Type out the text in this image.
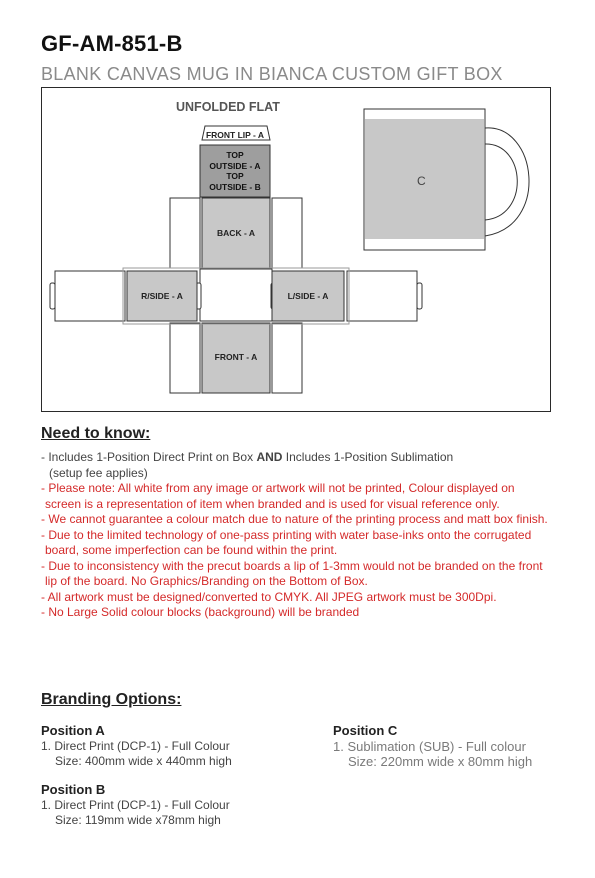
GF-AM-851-B
BLANK CANVAS MUG IN BIANCA CUSTOM GIFT BOX
UNFOLDED FLAT
FRONT LIP - A
TOP
OUTSIDE - A
TOP
OUTSIDE - B
BACK - A
R/SIDE - A	L/SIDE - A
FRONT - A
C
Need to know:
- Includes 1-Position Direct Print on Box AND Includes 1-Position Sublimation
(setup fee applies)
- Please note: All white from any image or artwork will not be printed, Colour displayed on
screen is a representation of item when branded and is used for visual reference only.
- We cannot guarantee a colour match due to nature of the printing process and matt box finish.
- Due to the limited technology of one-pass printing with water base-inks onto the corrugated
board, some imperfection can be found within the print.
- Due to inconsistency with the precut boards a lip of 1-3mm would not be branded on the front
lip of the board. No Graphics/Branding on the Bottom of Box.
- All artwork must be designed/converted to CMYK. All JPEG artwork must be 300Dpi.
- No Large Solid colour blocks (background) will be branded
Branding Options:
Position A
1. Direct Print (DCP-1) - Full Colour
Size: 400mm wide x 440mm high
Position B
1. Direct Print (DCP-1) - Full Colour
Size: 119mm wide x78mm high
Position C
1. Sublimation (SUB) - Full colour
Size: 220mm wide x 80mm high
